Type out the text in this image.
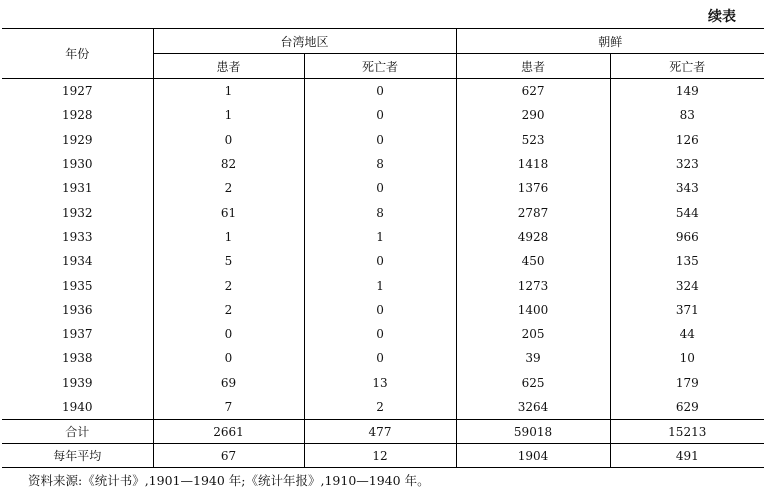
续表
年份	台湾地区		朝鲜	
	患者	死亡者	患者	死亡者
1927	1	0	627	149
1928	1	0	290	83
1929	0	0	523	126
1930	82	8	1418	323
1931	2	0	1376	343
1932	61	8	2787	544
1933	1	1	4928	966
1934	5	0	450	135
1935	2	1	1273	324
1936	2	0	1400	371
1937	0	0	205	44
1938	0	0	39	10
1939	69	13	625	179
1940	7	2	3264	629
合计	2661	477	59018	15213
每年平均	67	12	1904	491
资料来源:《统计书》,1901—1940 年;《统计年报》,1910—1940 年。
